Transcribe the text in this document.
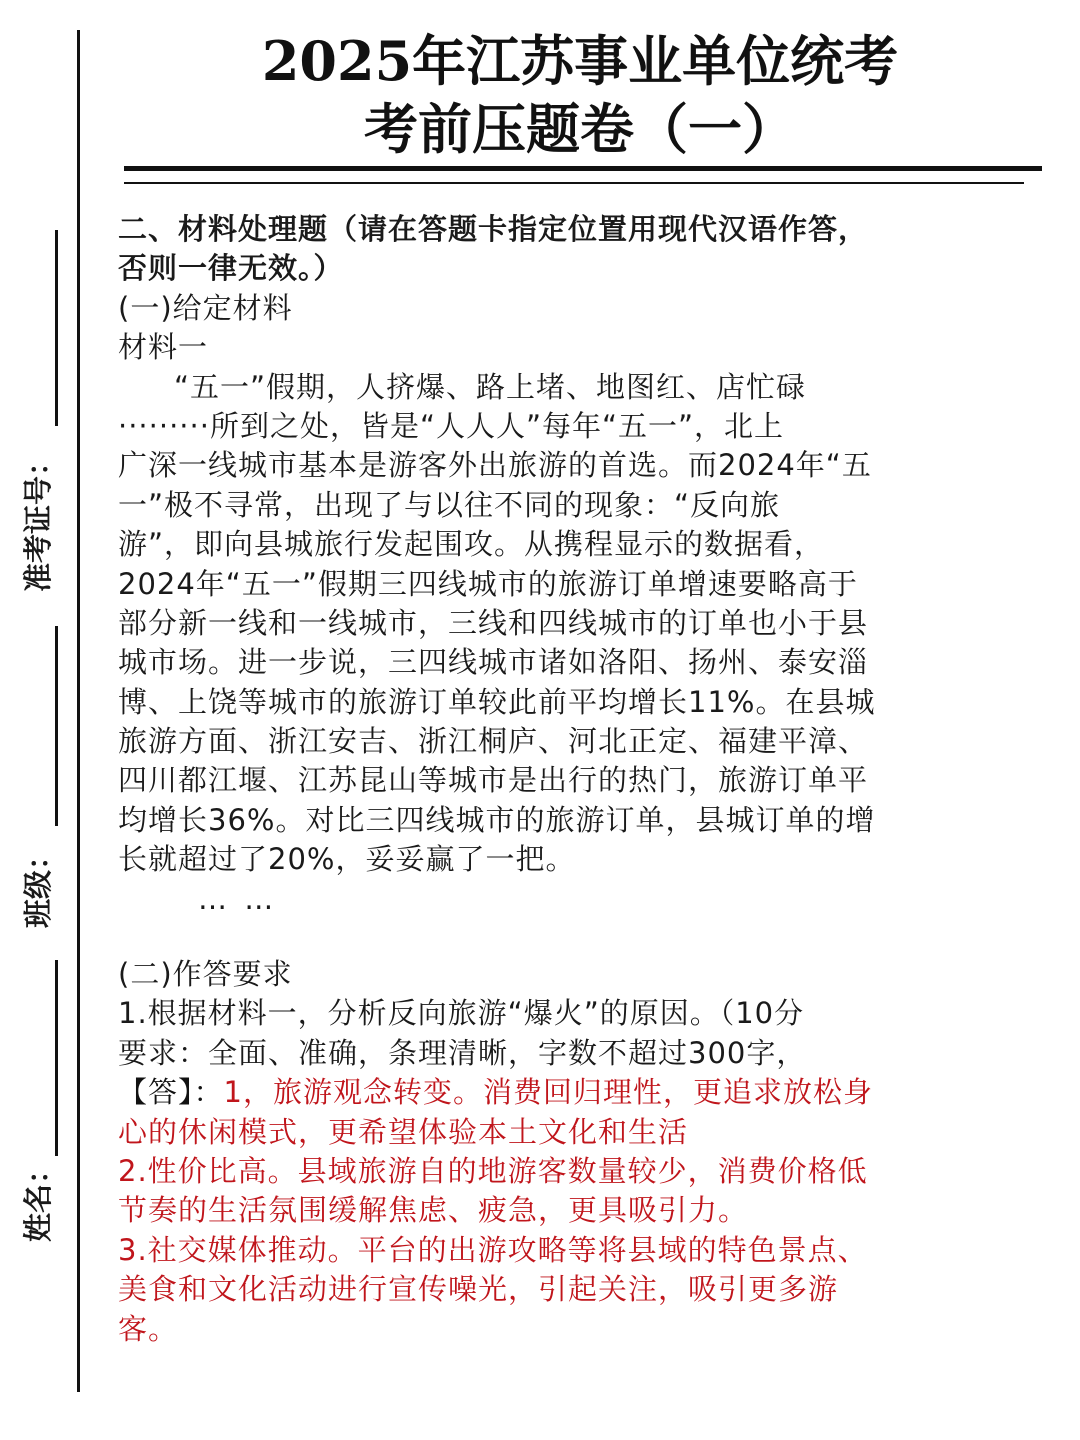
准考证号：
班级：
姓名：
2025年江苏事业单位统考
考前压题卷（一）
二、材料处理题（请在答题卡指定位置用现代汉语作答，
否则一律无效。）
(一)给定材料
材料一
“五一”假期，人挤爆、路上堵、地图红、店忙碌
·········所到之处，皆是“人人人”每年“五一”，北上
广深一线城市基本是游客外出旅游的首选。而2024年“五
一”极不寻常，出现了与以往不同的现象：“反向旅
游”，即向县城旅行发起围攻。从携程显示的数据看，
2024年“五一”假期三四线城市的旅游订单增速要略高于
部分新一线和一线城市，三线和四线城市的订单也小于县
城市场。进一步说，三四线城市诸如洛阳、扬州、泰安淄
博、上饶等城市的旅游订单较此前平均增长11%。在县城
旅游方面、浙江安吉、浙江桐庐、河北正定、福建平漳、
四川都江堰、江苏昆山等城市是出行的热门，旅游订单平
均增长36%。对比三四线城市的旅游订单，县城订单的增
长就超过了20%，妥妥赢了一把。
… …
(二)作答要求
1.根据材料一，分析反向旅游“爆火”的原因。（10分
要求：全面、准确，条理清晰，字数不超过300字，
【答】：1，旅游观念转变。消费回归理性，更追求放松身
心的休闲模式，更希望体验本土文化和生活
2.性价比高。县域旅游自的地游客数量较少，消费价格低
节奏的生活氛围缓解焦虑、疲急，更具吸引力。
3.社交媒体推动。平台的出游攻略等将县域的特色景点、
美食和文化活动进行宣传噪光，引起关注，吸引更多游
客。
